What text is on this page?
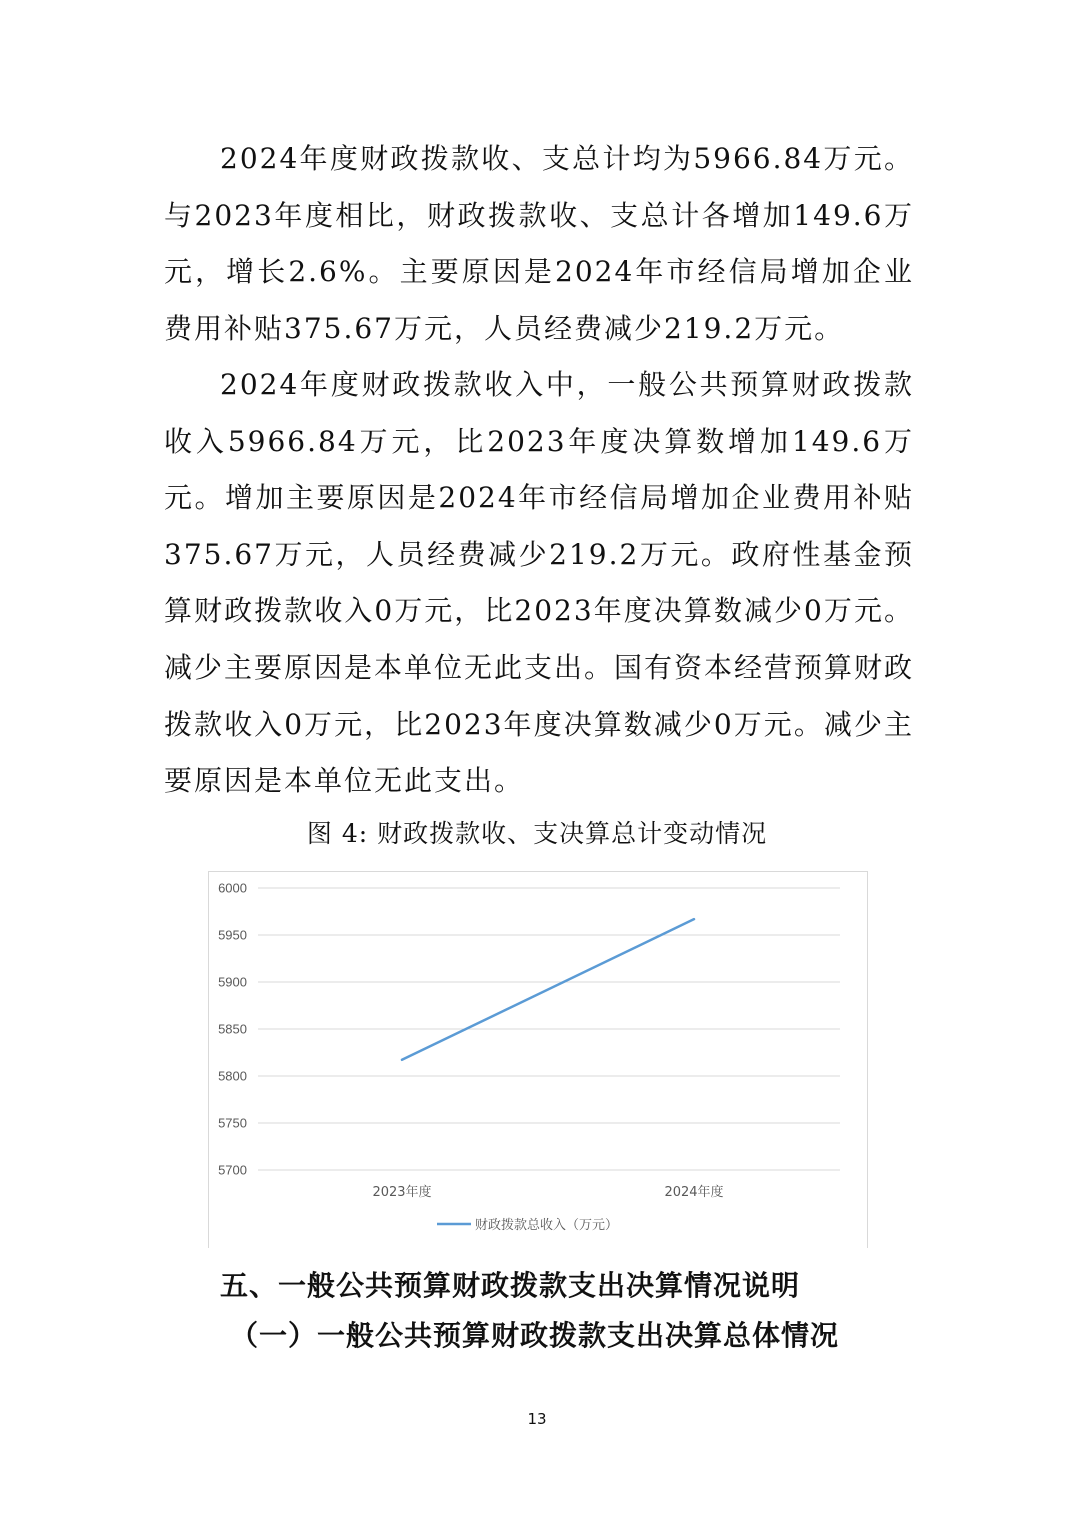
2024年度财政拨款收、支总计均为5966.84万元。与2023年度相比，财政拨款收、支总计各增加149.6万元，增长2.6%。主要原因是2024年市经信局增加企业费用补贴375.67万元，人员经费减少219.2万元。

2024年度财政拨款收入中，一般公共预算财政拨款收入5966.84万元，比2023年度决算数增加149.6万元。增加主要原因是2024年市经信局增加企业费用补贴375.67万元，人员经费减少219.2万元。政府性基金预算财政拨款收入0万元，比2023年度决算数减少0万元。减少主要原因是本单位无此支出。国有资本经营预算财政拨款收入0万元，比2023年度决算数减少0万元。减少主要原因是本单位无此支出。

图 4: 财政拨款收、支决算总计变动情况
5700
5750
5800
5850
5900
5950
6000
2023年度	2024年度
财政拨款总收入（万元）
五、一般公共预算财政拨款支出决算情况说明
（一）一般公共预算财政拨款支出决算总体情况
13
